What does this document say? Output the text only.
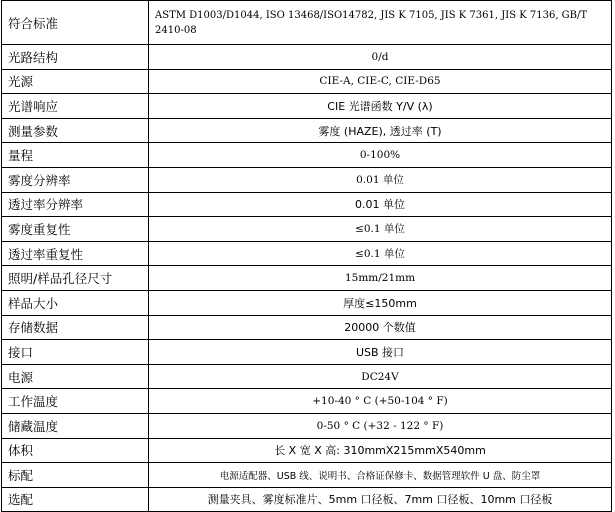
符合标准	ASTM D1003/D1044, ISO 13468/ISO14782, JIS K 7105, JIS K 7361, JIS K 7136, GB/T 2410-08
光路结构	0/d
光源	CIE-A, CIE-C, CIE-D65
光谱响应	CIE 光谱函数 Y/V (λ)
测量参数	雾度 (HAZE), 透过率 (T)
量程	0-100%
雾度分辨率	0.01 单位
透过率分辨率	0.01 单位
雾度重复性	≤0.1 单位
透过率重复性	≤0.1 单位
照明/样品孔径尺寸	15mm/21mm
样品大小	厚度≤150mm
存储数据	20000 个数值
接口	USB 接口
电源	DC24V
工作温度	+10-40 ° C (+50-104 ° F)
储藏温度	0-50 ° C (+32 - 122 ° F)
体积	长 X 宽 X 高: 310mmX215mmX540mm
标配	电源适配器、USB 线、说明书、合格证保修卡、数据管理软件 U 盘、防尘罩
选配	测量夹具、雾度标准片、5mm 口径板、7mm 口径板、10mm 口径板
